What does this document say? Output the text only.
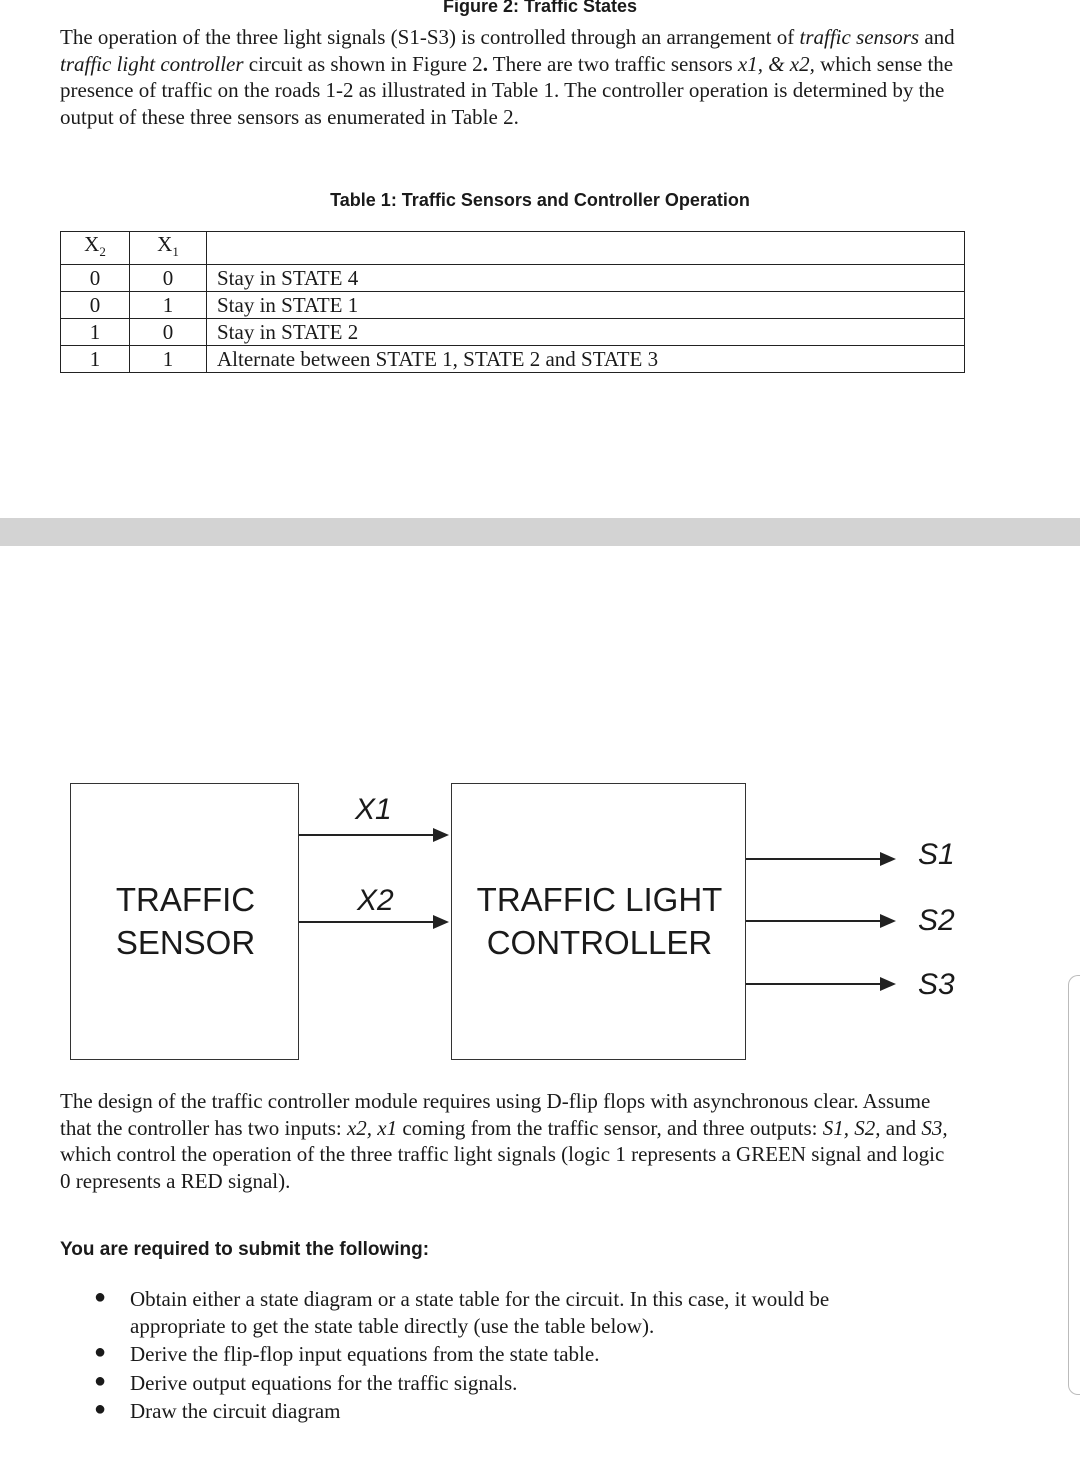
Figure 2: Traffic States

The operation of the three light signals (S1-S3) is controlled through an arrangement of traffic sensors and traffic light controller circuit as shown in Figure 2. There are two traffic sensors x1, & x2, which sense the presence of traffic on the roads 1-2 as illustrated in Table 1. The controller operation is determined by the output of these three sensors as enumerated in Table 2.

Table 1: Traffic Sensors and Controller Operation
$X_2$	$X_1$	
0	0	Stay in STATE 4
0	1	Stay in STATE 1
1	0	Stay in STATE 2
1	1	Alternate between STATE 1, STATE 2 and STATE 3
TRAFFIC
SENSOR
TRAFFIC LIGHT
CONTROLLER
X1
X2
S1
S2
S3

The design of the traffic controller module requires using D-flip flops with asynchronous clear. Assume that the controller has two inputs: x2, x1 coming from the traffic sensor, and three outputs: S1, S2, and S3, which control the operation of the three traffic light signals (logic 1 represents a GREEN signal and logic 0 represents a RED signal).

You are required to submit the following:
● Obtain either a state diagram or a state table for the circuit. In this case, it would be appropriate to get the state table directly (use the table below).
● Derive the flip-flop input equations from the state table.
● Derive output equations for the traffic signals.
● Draw the circuit diagram
